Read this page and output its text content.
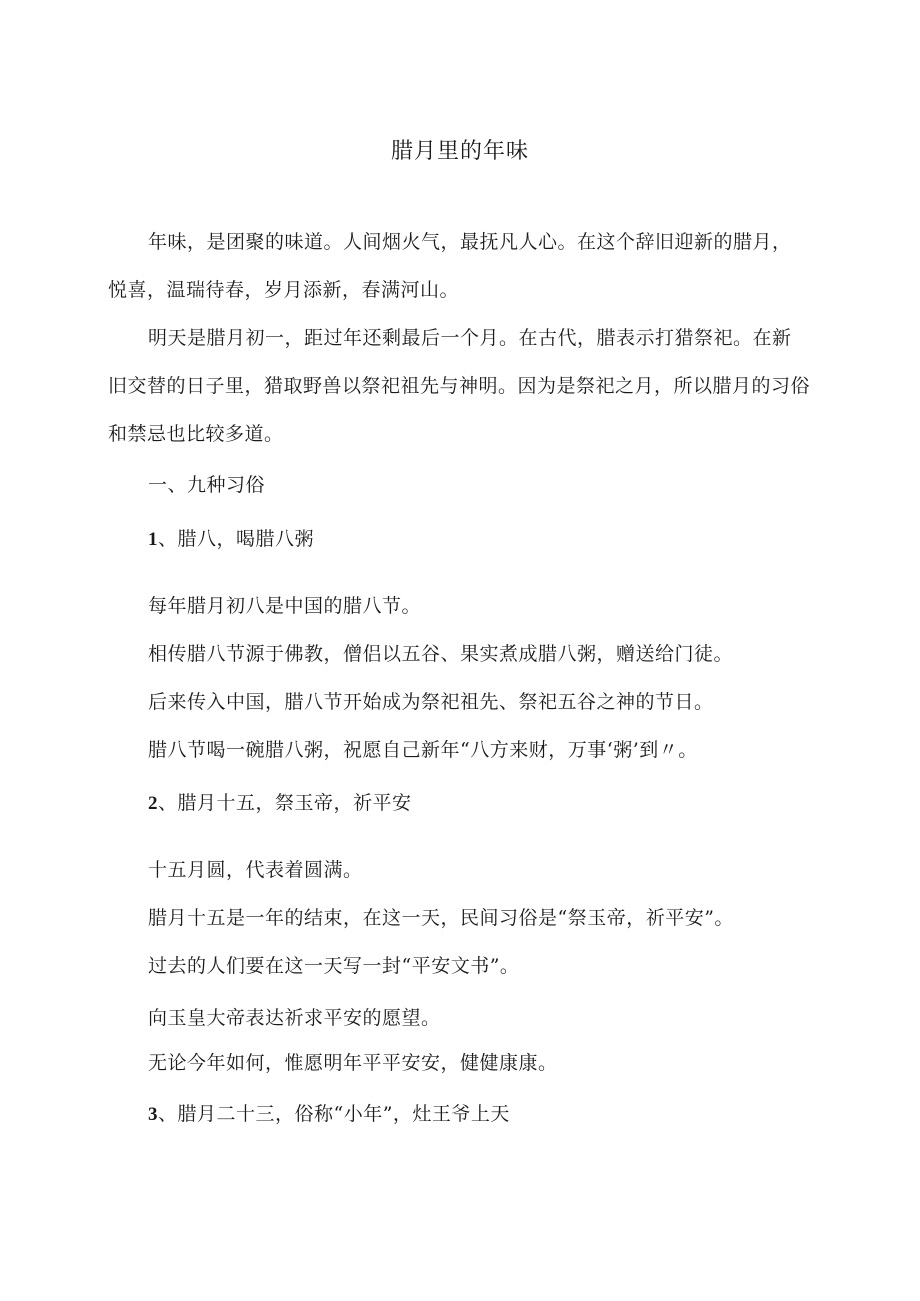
腊月里的年味
年味，是团聚的味道。人间烟火气，最抚凡人心。在这个辞旧迎新的腊月，悦喜，温瑞待春，岁月添新，春满河山。
明天是腊月初一，距过年还剩最后一个月。在古代，腊表示打猎祭祀。在新旧交替的日子里，猎取野兽以祭祀祖先与神明。因为是祭祀之月，所以腊月的习俗和禁忌也比较多道。
一、九种习俗
1、腊八，喝腊八粥
每年腊月初八是中国的腊八节。
相传腊八节源于佛教，僧侣以五谷、果实煮成腊八粥，赠送给门徒。
后来传入中国，腊八节开始成为祭祀祖先、祭祀五谷之神的节日。
腊八节喝一碗腊八粥，祝愿自己新年“八方来财，万事‘粥’到〃。
2、腊月十五，祭玉帝，祈平安
十五月圆，代表着圆满。
腊月十五是一年的结束，在这一天，民间习俗是“祭玉帝，祈平安”。
过去的人们要在这一天写一封“平安文书”。
向玉皇大帝表达祈求平安的愿望。
无论今年如何，惟愿明年平平安安，健健康康。
3、腊月二十三，俗称“小年”，灶王爷上天
